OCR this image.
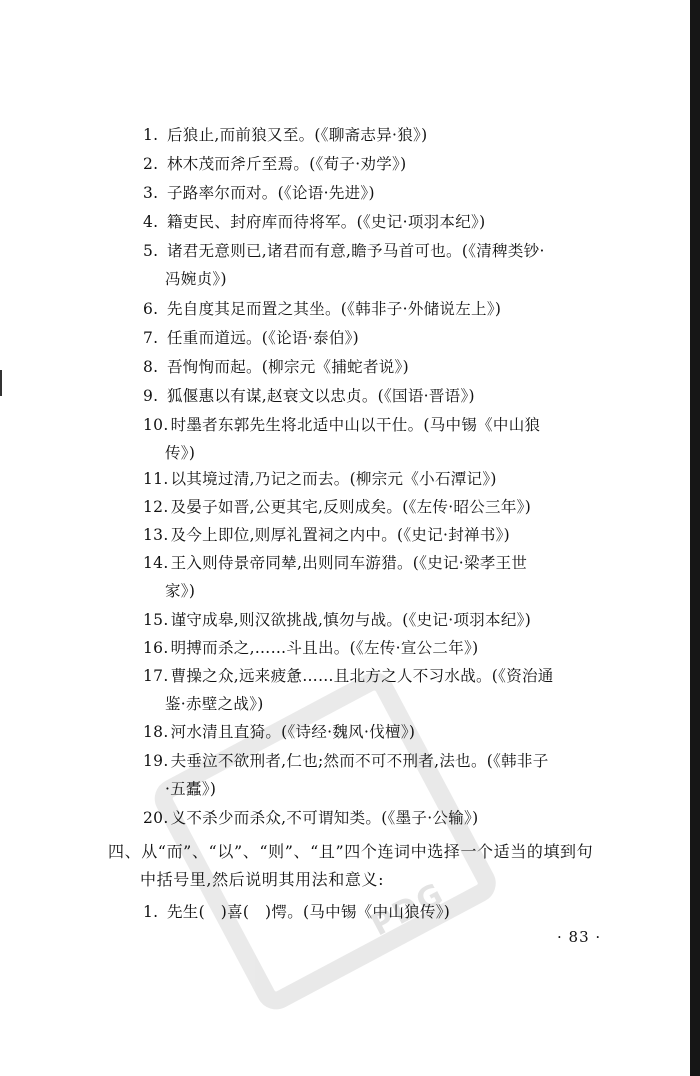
PDG
1. 后狼止,而前狼又至。(《聊斋志异·狼》)
2. 林木茂而斧斤至焉。(《荀子·劝学》)
3. 子路率尔而对。(《论语·先进》)
4. 籍吏民、封府库而待将军。(《史记·项羽本纪》)
5. 诸君无意则已,诸君而有意,瞻予马首可也。(《清稗类钞·
冯婉贞》)
6. 先自度其足而置之其坐。(《韩非子·外储说左上》)
7. 任重而道远。(《论语·泰伯》)
8. 吾恂恂而起。(柳宗元《捕蛇者说》)
9. 狐偃惠以有谋,赵衰文以忠贞。(《国语·晋语》)
10. 时墨者东郭先生将北适中山以干仕。(马中锡《中山狼
传》)
11. 以其境过清,乃记之而去。(柳宗元《小石潭记》)
12. 及晏子如晋,公更其宅,反则成矣。(《左传·昭公三年》)
13. 及今上即位,则厚礼置祠之内中。(《史记·封禅书》)
14. 王入则侍景帝同辇,出则同车游猎。(《史记·梁孝王世
家》)
15. 谨守成皋,则汉欲挑战,慎勿与战。(《史记·项羽本纪》)
16. 明搏而杀之,……斗且出。(《左传·宣公二年》)
17. 曹操之众,远来疲惫……且北方之人不习水战。(《资治通
鉴·赤壁之战》)
18. 河水清且直猗。(《诗经·魏风·伐檀》)
19. 夫垂泣不欲刑者,仁也;然而不可不刑者,法也。(《韩非子
·五蠹》)
20. 义不杀少而杀众,不可谓知类。(《墨子·公输》)
四、从“而”、“以”、“则”、“且”四个连词中选择一个适当的填到句
中括号里,然后说明其用法和意义:
1. 先生(　)喜(　)愕。(马中锡《中山狼传》)
· 83 ·
